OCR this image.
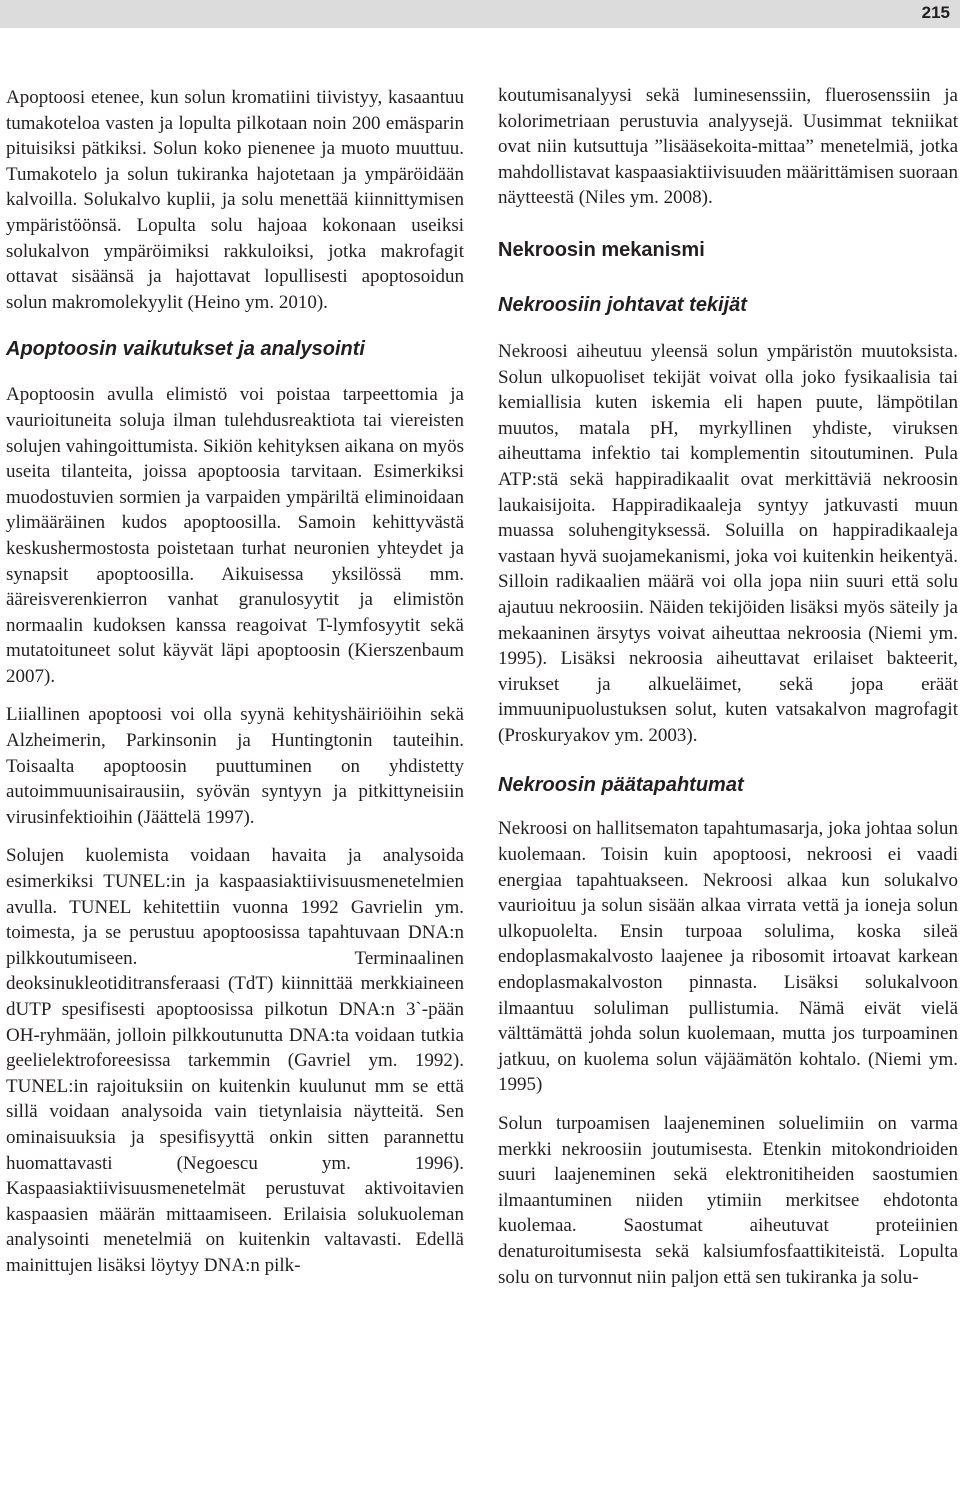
215

Apoptoosi etenee, kun solun kromatiini tiivistyy, kasaantuu tumakoteloa vasten ja lopulta pilkotaan noin 200 emäsparin pituisiksi pätkiksi. Solun koko pienenee ja muoto muuttuu. Tumakotelo ja solun tukiranka hajotetaan ja ympäröidään kalvoilla. Solukalvo kuplii, ja solu menettää kiinnittymisen ympäristöönsä. Lopulta solu hajoaa kokonaan useiksi solukalvon ympäröimiksi rakkuloiksi, jotka makrofagit ottavat sisäänsä ja hajottavat lopullisesti apoptosoidun solun makromolekyylit (Heino ym. 2010).

Apoptoosin vaikutukset ja analysointi

Apoptoosin avulla elimistö voi poistaa tarpeettomia ja vaurioituneita soluja ilman tulehdusreaktiota tai viereisten solujen vahingoittumista. Sikiön kehityksen aikana on myös useita tilanteita, joissa apoptoosia tarvitaan. Esimerkiksi muodostuvien sormien ja varpaiden ympäriltä eliminoidaan ylimääräinen kudos apoptoosilla. Samoin kehittyvästä keskushermostosta poistetaan turhat neuronien yhteydet ja synapsit apoptoosilla. Aikuisessa yksilössä mm. ääreisverenkierron vanhat granulosyytit ja elimistön normaalin kudoksen kanssa reagoivat T-lymfosyytit sekä mutatoituneet solut käyvät läpi apoptoosin (Kierszenbaum 2007).

Liiallinen apoptoosi voi olla syynä kehityshäiriöihin sekä Alzheimerin, Parkinsonin ja Huntingtonin tauteihin. Toisaalta apoptoosin puuttuminen on yhdistetty autoimmuunisairausiin, syövän syntyyn ja pitkittyneisiin virusinfektioihin (Jäättelä 1997).

Solujen kuolemista voidaan havaita ja analysoida esimerkiksi TUNEL:in ja kaspaasiaktiivisuusmenetelmien avulla. TUNEL kehitettiin vuonna 1992 Gavrielin ym. toimesta, ja se perustuu apoptoosissa tapahtuvaan DNA:n pilkkoutumiseen. Terminaalinen deoksinukleotiditransferaasi (TdT) kiinnittää merkkiaineen dUTP spesifisesti apoptoosissa pilkotun DNA:n 3`-pään OH-ryhmään, jolloin pilkkoutunutta DNA:ta voidaan tutkia geelielektroforeesissa tarkemmin (Gavriel ym. 1992). TUNEL:in rajoituksiin on kuitenkin kuulunut mm se että sillä voidaan analysoida vain tietynlaisia näytteitä. Sen ominaisuuksia ja spesifisyyttä onkin sitten parannettu huomattavasti (Negoescu ym. 1996). Kaspaasiaktiivisuusmenetelmät perustuvat aktivoitavien kaspaasien määrän mittaamiseen. Erilaisia solukuoleman analysointi menetelmiä on kuitenkin valtavasti. Edellä mainittujen lisäksi löytyy DNA:n pilk-

koutumisanalyysi sekä luminesenssiin, fluerosenssiin ja kolorimetriaan perustuvia analyysejä. Uusimmat tekniikat ovat niin kutsuttuja ”lisääsekoita-mittaa” menetelmiä, jotka mahdollistavat kaspaasiaktiivisuuden määrittämisen suoraan näytteestä (Niles ym. 2008).

Nekroosin mekanismi
Nekroosiin johtavat tekijät

Nekroosi aiheutuu yleensä solun ympäristön muutoksista. Solun ulkopuoliset tekijät voivat olla joko fysikaalisia tai kemiallisia kuten iskemia eli hapen puute, lämpötilan muutos, matala pH, myrkyllinen yhdiste, viruksen aiheuttama infektio tai komplementin sitoutuminen. Pula ATP:stä sekä happiradikaalit ovat merkittäviä nekroosin laukaisijoita. Happiradikaaleja syntyy jatkuvasti muun muassa soluhengityksessä. Soluilla on happiradikaaleja vastaan hyvä suojamekanismi, joka voi kuitenkin heikentyä. Silloin radikaalien määrä voi olla jopa niin suuri että solu ajautuu nekroosiin. Näiden tekijöiden lisäksi myös säteily ja mekaaninen ärsytys voivat aiheuttaa nekroosia (Niemi ym. 1995). Lisäksi nekroosia aiheuttavat erilaiset bakteerit, virukset ja alkueläimet, sekä jopa eräät immuunipuolustuksen solut, kuten vatsakalvon magrofagit (Proskuryakov ym. 2003).

Nekroosin päätapahtumat

Nekroosi on hallitsematon tapahtumasarja, joka johtaa solun kuolemaan. Toisin kuin apoptoosi, nekroosi ei vaadi energiaa tapahtuakseen. Nekroosi alkaa kun solukalvo vaurioituu ja solun sisään alkaa virrata vettä ja ioneja solun ulkopuolelta. Ensin turpoaa solulima, koska sileä endoplasmakalvosto laajenee ja ribosomit irtoavat karkean endoplasmakalvoston pinnasta. Lisäksi solukalvoon ilmaantuu soluliman pullistumia. Nämä eivät vielä välttämättä johda solun kuolemaan, mutta jos turpoaminen jatkuu, on kuolema solun väjäämätön kohtalo. (Niemi ym. 1995)

Solun turpoamisen laajeneminen soluelimiin on varma merkki nekroosiin joutumisesta. Etenkin mitokondrioiden suuri laajeneminen sekä elektronitiheiden saostumien ilmaantuminen niiden ytimiin merkitsee ehdotonta kuolemaa. Saostumat aiheutuvat proteiinien denaturoitumisesta sekä kalsiumfosfaattikiteistä. Lopulta solu on turvonnut niin paljon että sen tukiranka ja solu-
